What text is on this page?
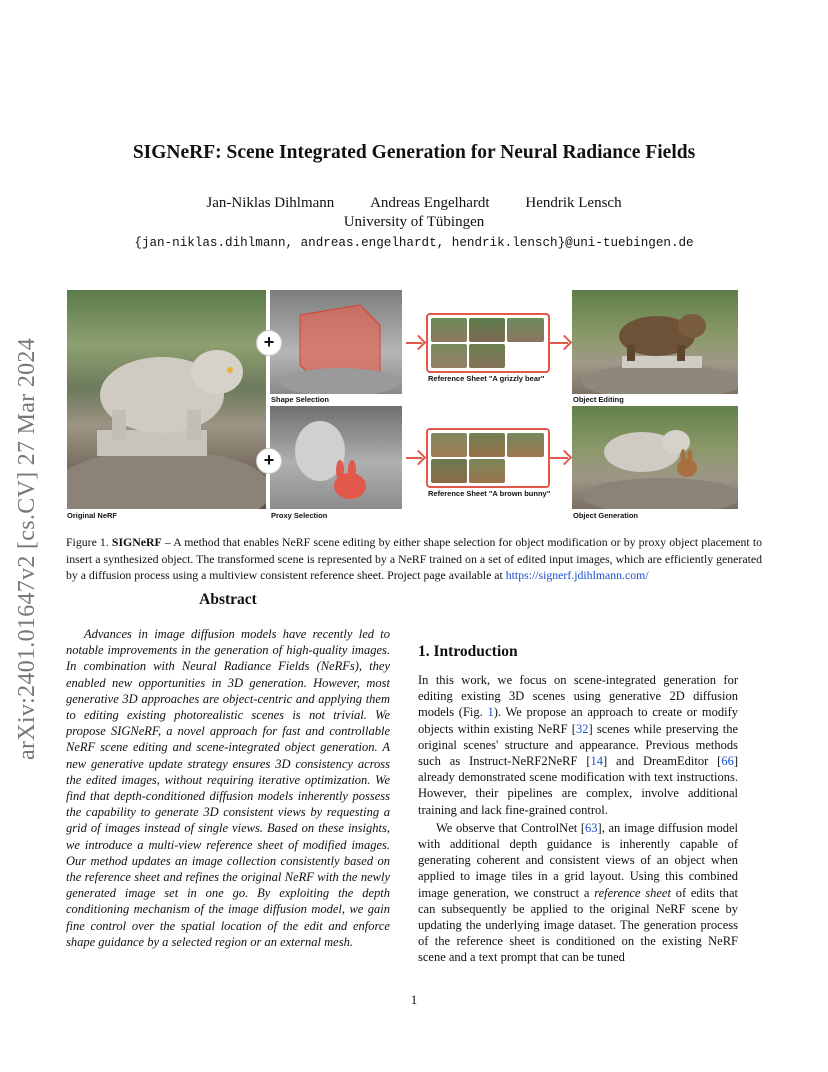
arXiv:2401.01647v2 [cs.CV] 27 Mar 2024
SIGNeRF: Scene Integrated Generation for Neural Radiance Fields
Jan-Niklas Dihlmann Andreas Engelhardt Hendrik Lensch
University of Tübingen
{jan-niklas.dihlmann, andreas.engelhardt, hendrik.lensch}@uni-tuebingen.de
Original NeRF
Shape Selection
Proxy Selection
+
+
Reference Sheet "A grizzly bear"
Reference Sheet "A brown bunny"
Object Editing
Object Generation
Figure 1. SIGNeRF – A method that enables NeRF scene editing by either shape selection for object modification or by proxy object placement to insert a synthesized object. The transformed scene is represented by a NeRF trained on a set of edited input images, which are efficiently generated by a diffusion process using a multiview consistent reference sheet. Project page available at https://signerf.jdihlmann.com/
Abstract
Advances in image diffusion models have recently led to notable improvements in the generation of high-quality images. In combination with Neural Radiance Fields (NeRFs), they enabled new opportunities in 3D generation. However, most generative 3D approaches are object-centric and applying them to editing existing photorealistic scenes is not trivial. We propose SIGNeRF, a novel approach for fast and controllable NeRF scene editing and scene-integrated object generation. A new generative update strategy ensures 3D consistency across the edited images, without requiring iterative optimization. We find that depth-conditioned diffusion models inherently possess the capability to generate 3D consistent views by requesting a grid of images instead of single views. Based on these insights, we introduce a multi-view reference sheet of modified images. Our method updates an image collection consistently based on the reference sheet and refines the original NeRF with the newly generated image set in one go. By exploiting the depth conditioning mechanism of the image diffusion model, we gain fine control over the spatial location of the edit and enforce shape guidance by a selected region or an external mesh.
1. Introduction

In this work, we focus on scene-integrated generation for editing existing 3D scenes using generative 2D diffusion models (Fig. 1). We propose an approach to create or modify objects within existing NeRF [32] scenes while preserving the original scenes' structure and appearance. Previous methods such as Instruct-NeRF2NeRF [14] and DreamEditor [66] already demonstrated scene modification with text instructions. However, their pipelines are complex, involve additional training and lack fine-grained control.

We observe that ControlNet [63], an image diffusion model with additional depth guidance is inherently capable of generating coherent and consistent views of an object when applied to image tiles in a grid layout. Using this combined image generation, we construct a reference sheet of edits that can subsequently be applied to the original NeRF scene by updating the underlying image dataset. The generation process of the reference sheet is conditioned on the existing NeRF scene and a text prompt that can be tuned

1
